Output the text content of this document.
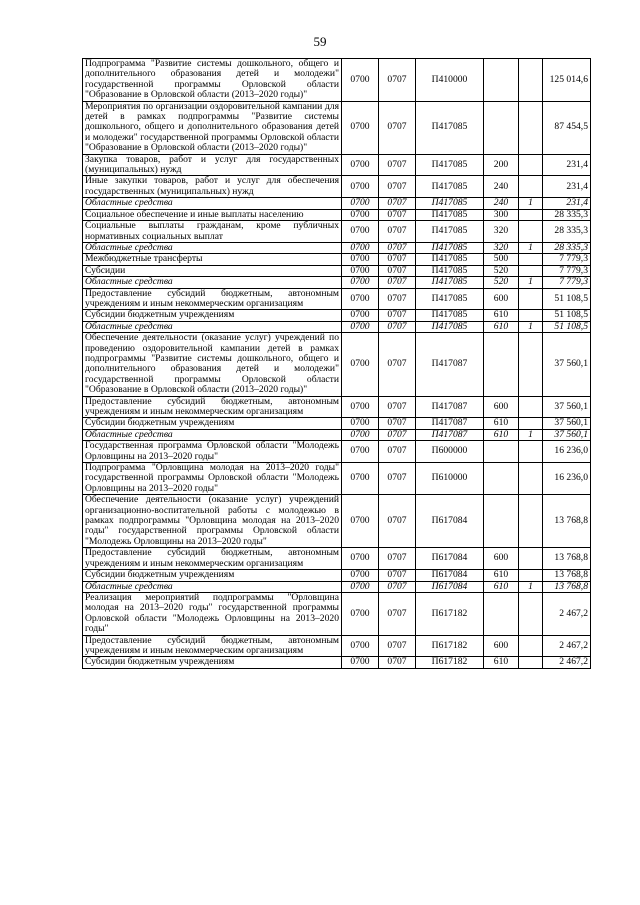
59
Подпрограмма "Развитие системы дошкольного, общего и дополнительного образования детей и молодежи" государственной программы Орловской области "Образование в Орловской области (2013–2020 годы)"	0700	0707	П410000			125 014,6
Мероприятия по организации оздоровительной кампании для детей в рамках подпрограммы "Развитие системы дошкольного, общего и дополнительного образования детей и молодежи" государственной программы Орловской области "Образование в Орловской области (2013–2020 годы)"	0700	0707	П417085			87 454,5
Закупка товаров, работ и услуг для государственных (муниципальных) нужд	0700	0707	П417085	200		231,4
Иные закупки товаров, работ и услуг для обеспечения государственных (муниципальных) нужд	0700	0707	П417085	240		231,4
Областные средства	0700	0707	П417085	240	1	231,4
Социальное обеспечение и иные выплаты населению	0700	0707	П417085	300		28 335,3
Социальные выплаты гражданам, кроме публичных нормативных социальных выплат	0700	0707	П417085	320		28 335,3
Областные средства	0700	0707	П417085	320	1	28 335,3
Межбюджетные трансферты	0700	0707	П417085	500		7 779,3
Субсидии	0700	0707	П417085	520		7 779,3
Областные средства	0700	0707	П417085	520	1	7 779,3
Предоставление субсидий бюджетным, автономным учреждениям и иным некоммерческим организациям	0700	0707	П417085	600		51 108,5
Субсидии бюджетным учреждениям	0700	0707	П417085	610		51 108,5
Областные средства	0700	0707	П417085	610	1	51 108,5
Обеспечение деятельности (оказание услуг) учреждений по проведению оздоровительной кампании детей в рамках подпрограммы "Развитие системы дошкольного, общего и дополнительного образования детей и молодежи" государственной программы Орловской области "Образование в Орловской области (2013–2020 годы)"	0700	0707	П417087			37 560,1
Предоставление субсидий бюджетным, автономным учреждениям и иным некоммерческим организациям	0700	0707	П417087	600		37 560,1
Субсидии бюджетным учреждениям	0700	0707	П417087	610		37 560,1
Областные средства	0700	0707	П417087	610	1	37 560,1
Государственная программа Орловской области "Молодежь Орловщины на 2013–2020 годы"	0700	0707	П600000			16 236,0
Подпрограмма "Орловщина молодая на 2013–2020 годы" государственной программы Орловской области "Молодежь Орловщины на 2013–2020 годы"	0700	0707	П610000			16 236,0
Обеспечение деятельности (оказание услуг) учреждений организационно-воспитательной работы с молодежью в рамках подпрограммы "Орловщина молодая на 2013–2020 годы" государственной программы Орловской области "Молодежь Орловщины на 2013–2020 годы"	0700	0707	П617084			13 768,8
Предоставление субсидий бюджетным, автономным учреждениям и иным некоммерческим организациям	0700	0707	П617084	600		13 768,8
Субсидии бюджетным учреждениям	0700	0707	П617084	610		13 768,8
Областные средства	0700	0707	П617084	610	1	13 768,8
Реализация мероприятий подпрограммы "Орловщина молодая на 2013–2020 годы" государственной программы Орловской области "Молодежь Орловщины на 2013–2020 годы"	0700	0707	П617182			2 467,2
Предоставление субсидий бюджетным, автономным учреждениям и иным некоммерческим организациям	0700	0707	П617182	600		2 467,2
Субсидии бюджетным учреждениям	0700	0707	П617182	610		2 467,2
